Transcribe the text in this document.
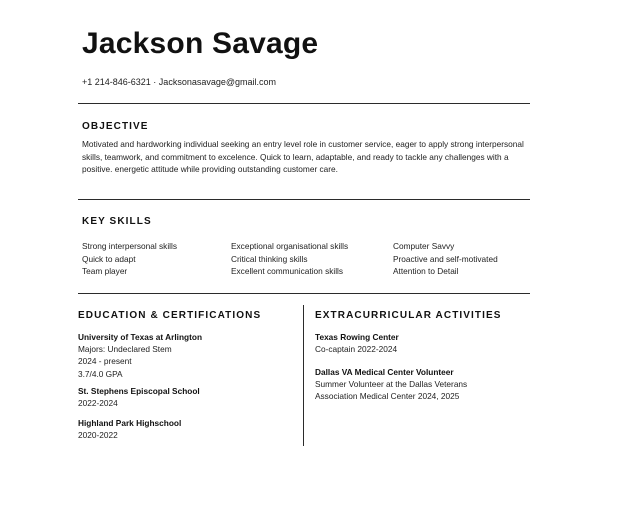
Jackson Savage
+1 214-846-6321 · Jacksonasavage@gmail.com
OBJECTIVE
Motivated and hardworking individual seeking an entry level role in customer service, eager to apply strong interpersonal skills, teamwork, and commitment to excelence. Quick to learn, adaptable, and ready to tackle any challenges with a positive. energetic attitude while providing outstanding customer care.
KEY SKILLS
Strong interpersonal skills
Quick to adapt
Team player
Exceptional organisational skills
Critical thinking skills
Excellent communication skills
Computer Savvy
Proactive and self-motivated
Attention to Detail
EDUCATION & CERTIFICATIONS
University of Texas at Arlington
Majors: Undeclared Stem
2024 - present
3.7/4.0 GPA
St. Stephens Episcopal School
2022-2024
Highland Park Highschool
2020-2022
EXTRACURRICULAR ACTIVITIES
Texas Rowing Center
Co-captain 2022-2024
Dallas VA Medical Center Volunteer
Summer Volunteer at the Dallas Veterans
Association Medical Center 2024, 2025
